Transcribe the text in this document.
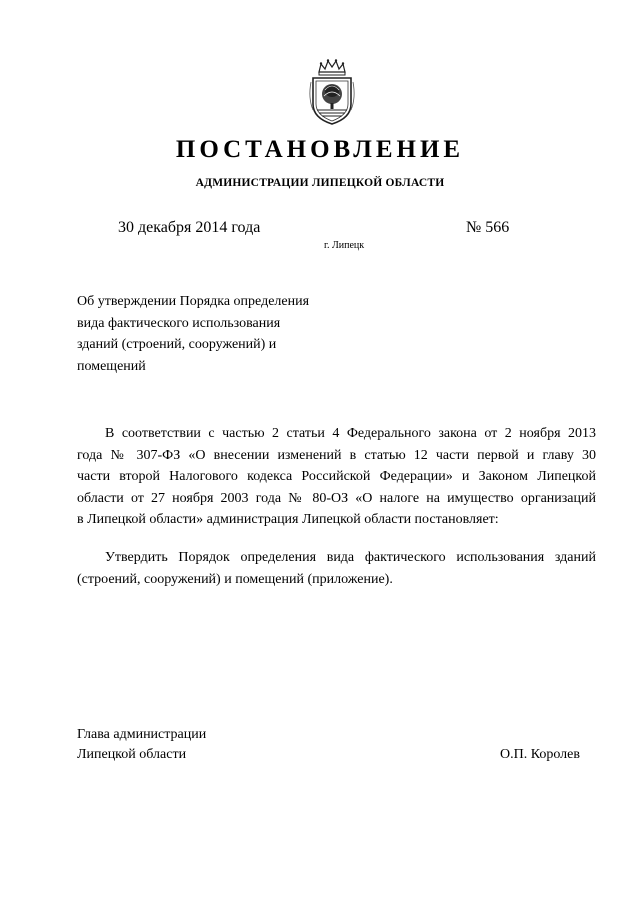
ПОСТАНОВЛЕНИЕ
АДМИНИСТРАЦИИ ЛИПЕЦКОЙ ОБЛАСТИ
30 декабря 2014 года	№ 566
г. Липецк
Об утверждении Порядка определения
вида фактического использования
зданий (строений, сооружений) и
помещений
В соответствии с частью 2 статьи 4 Федерального закона от 2 ноября 2013
года № 307-ФЗ «О внесении изменений в статью 12 части первой и главу 30
части второй Налогового кодекса Российской Федерации» и Законом Липецкой
области от 27 ноября 2003 года № 80-ОЗ «О налоге на имущество организаций
в Липецкой области» администрация Липецкой области постановляет:
Утвердить Порядок определения вида фактического использования зданий
(строений, сооружений) и помещений (приложение).
Глава администрации
Липецкой области	О.П. Королев
